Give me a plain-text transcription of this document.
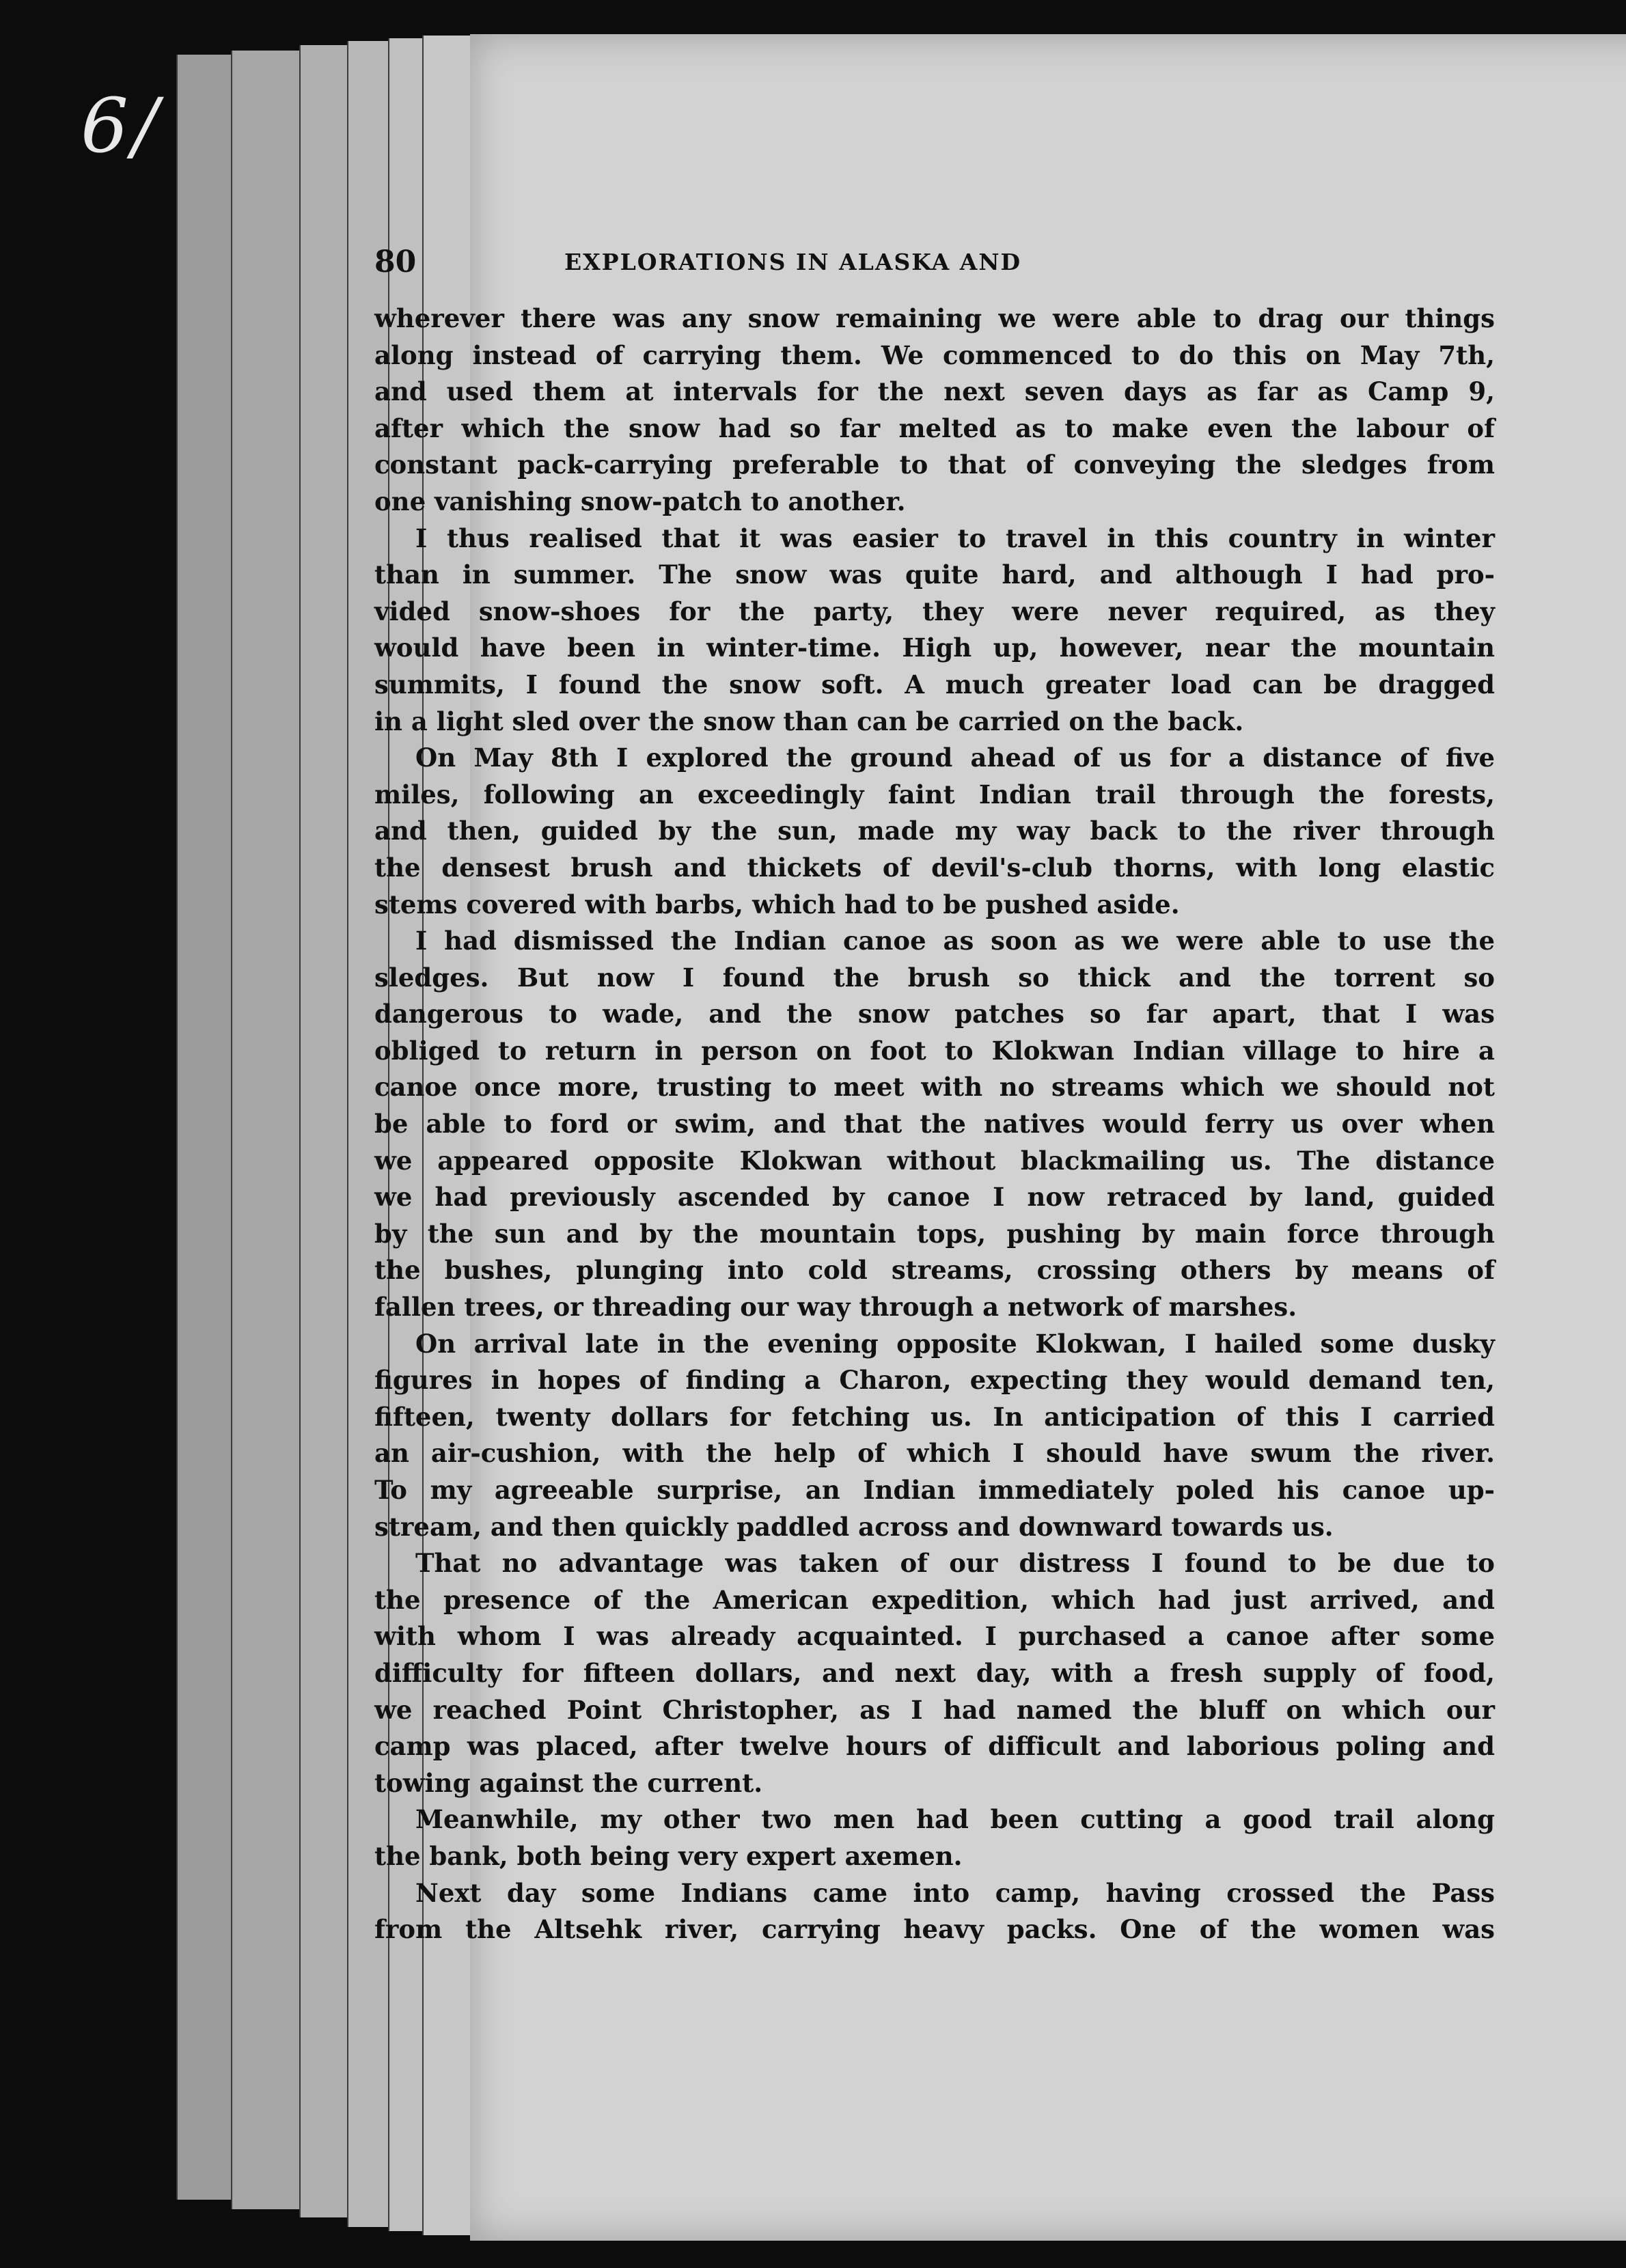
6/
80	EXPLORATIONS IN ALASKA AND
wherever there was any snow remaining we were able to drag our things
along instead of carrying them. We commenced to do this on May 7th,
and used them at intervals for the next seven days as far as Camp 9,
after which the snow had so far melted as to make even the labour of
constant pack-carrying preferable to that of conveying the sledges from
one vanishing snow-patch to another.
I thus realised that it was easier to travel in this country in winter
than in summer. The snow was quite hard, and although I had pro-
vided snow-shoes for the party, they were never required, as they
would have been in winter-time. High up, however, near the mountain
summits, I found the snow soft. A much greater load can be dragged
in a light sled over the snow than can be carried on the back.
On May 8th I explored the ground ahead of us for a distance of five
miles, following an exceedingly faint Indian trail through the forests,
and then, guided by the sun, made my way back to the river through
the densest brush and thickets of devil's-club thorns, with long elastic
stems covered with barbs, which had to be pushed aside.
I had dismissed the Indian canoe as soon as we were able to use the
sledges. But now I found the brush so thick and the torrent so
dangerous to wade, and the snow patches so far apart, that I was
obliged to return in person on foot to Klokwan Indian village to hire a
canoe once more, trusting to meet with no streams which we should not
be able to ford or swim, and that the natives would ferry us over when
we appeared opposite Klokwan without blackmailing us. The distance
we had previously ascended by canoe I now retraced by land, guided
by the sun and by the mountain tops, pushing by main force through
the bushes, plunging into cold streams, crossing others by means of
fallen trees, or threading our way through a network of marshes.
On arrival late in the evening opposite Klokwan, I hailed some dusky
figures in hopes of finding a Charon, expecting they would demand ten,
fifteen, twenty dollars for fetching us. In anticipation of this I carried
an air-cushion, with the help of which I should have swum the river.
To my agreeable surprise, an Indian immediately poled his canoe up-
stream, and then quickly paddled across and downward towards us.
That no advantage was taken of our distress I found to be due to
the presence of the American expedition, which had just arrived, and
with whom I was already acquainted. I purchased a canoe after some
difficulty for fifteen dollars, and next day, with a fresh supply of food,
we reached Point Christopher, as I had named the bluff on which our
camp was placed, after twelve hours of difficult and laborious poling and
towing against the current.
Meanwhile, my other two men had been cutting a good trail along
the bank, both being very expert axemen.
Next day some Indians came into camp, having crossed the Pass
from the Altsehk river, carrying heavy packs. One of the women was
